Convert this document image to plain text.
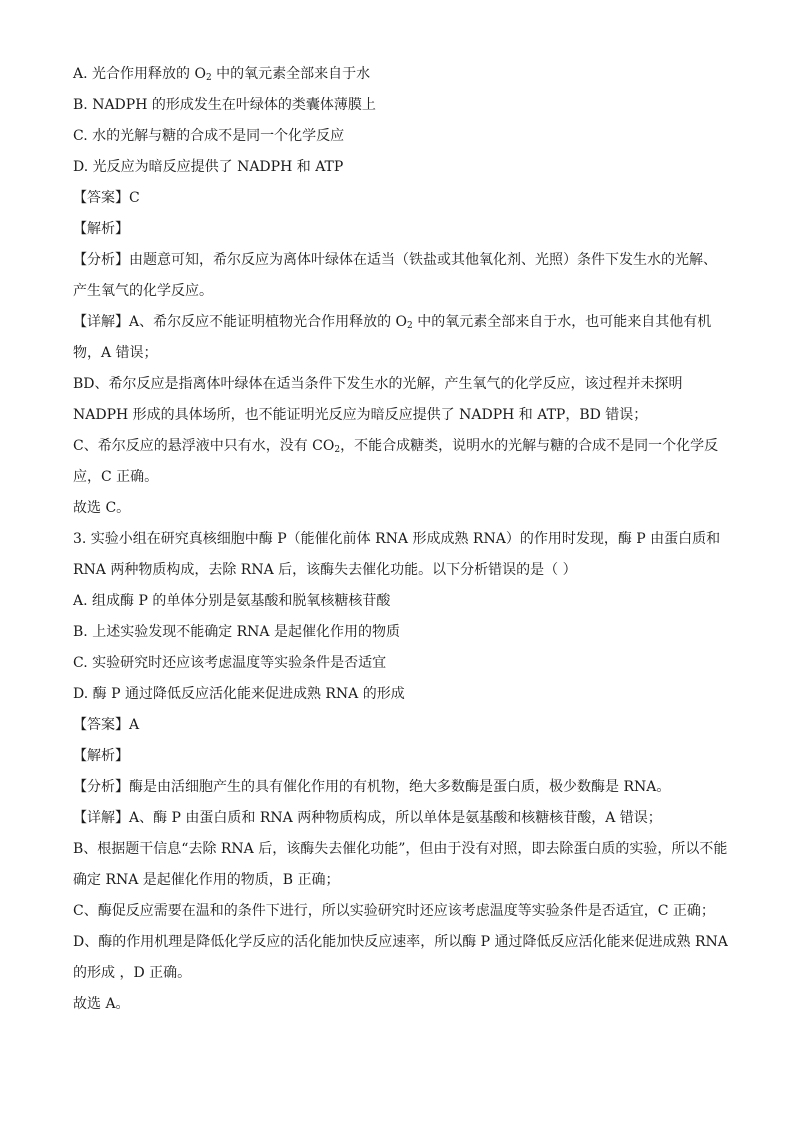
A. 光合作用释放的 $O_2$ 中的氧元素全部来自于水
B. NADPH 的形成发生在叶绿体的类囊体薄膜上
C. 水的光解与糖的合成不是同一个化学反应
D. 光反应为暗反应提供了 NADPH 和 ATP
【答案】C
【解析】
【分析】由题意可知，希尔反应为离体叶绿体在适当（铁盐或其他氧化剂、光照）条件下发生水的光解、
产生氧气的化学反应。
【详解】A、希尔反应不能证明植物光合作用释放的 $O_2$ 中的氧元素全部来自于水，也可能来自其他有机
物，A 错误；
BD、希尔反应是指离体叶绿体在适当条件下发生水的光解，产生氧气的化学反应，该过程并未探明
NADPH 形成的具体场所，也不能证明光反应为暗反应提供了 NADPH 和 ATP，BD 错误；
C、希尔反应的悬浮液中只有水，没有 $CO_2$，不能合成糖类，说明水的光解与糖的合成不是同一个化学反
应，C 正确。
故选 C。
3. 实验小组在研究真核细胞中酶 P（能催化前体 RNA 形成成熟 RNA）的作用时发现，酶 P 由蛋白质和
RNA 两种物质构成，去除 RNA 后，该酶失去催化功能。以下分析错误的是（ ）
A. 组成酶 P 的单体分别是氨基酸和脱氧核糖核苷酸
B. 上述实验发现不能确定 RNA 是起催化作用的物质
C. 实验研究时还应该考虑温度等实验条件是否适宜
D. 酶 P 通过降低反应活化能来促进成熟 RNA 的形成
【答案】A
【解析】
【分析】酶是由活细胞产生的具有催化作用的有机物，绝大多数酶是蛋白质，极少数酶是 RNA。
【详解】A、酶 P 由蛋白质和 RNA 两种物质构成，所以单体是氨基酸和核糖核苷酸，A 错误；
B、根据题干信息“去除 RNA 后，该酶失去催化功能”，但由于没有对照，即去除蛋白质的实验，所以不能
确定 RNA 是起催化作用的物质，B 正确；
C、酶促反应需要在温和的条件下进行，所以实验研究时还应该考虑温度等实验条件是否适宜，C 正确；
D、酶的作用机理是降低化学反应的活化能加快反应速率，所以酶 P 通过降低反应活化能来促进成熟 RNA
的形成 ，D 正确。
故选 A。
